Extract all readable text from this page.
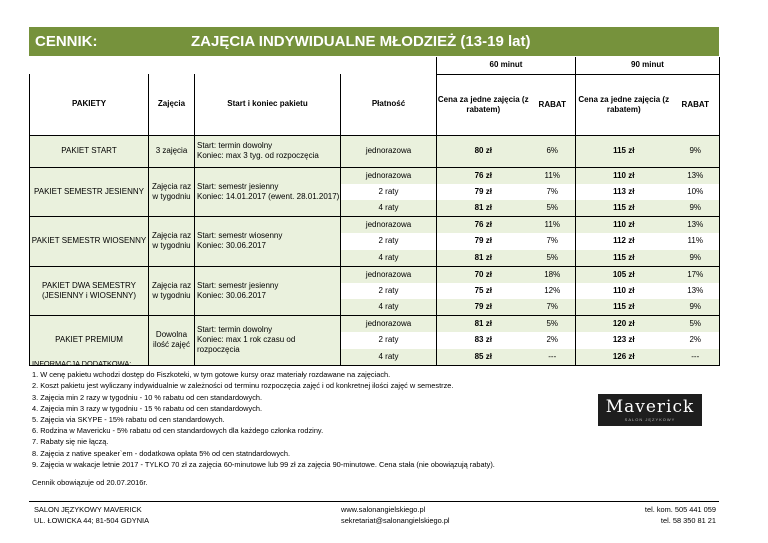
CENNIK:	ZAJĘCIA INDYWIDUALNE MŁODZIEŻ (13-19 lat)
				60 minut		90 minut	
PAKIETY	Zajęcia	Start i koniec pakietu	Płatność	Cena za jedne zajęcia (z rabatem)	RABAT	Cena za jedne zajęcia (z rabatem)	RABAT
PAKIET START	3 zajęcia	Start: termin dowolny
Koniec: max 3 tyg. od rozpoczęcia	jednorazowa	80 zł	6%	115 zł	9%
PAKIET SEMESTR JESIENNY	Zajęcia raz w tygodniu	Start: semestr jesienny
Koniec: 14.01.2017 (ewent. 28.01.2017)	jednorazowa	76 zł	11%	110 zł	13%
			2 raty	79 zł	7%	113 zł	10%
			4 raty	81 zł	5%	115 zł	9%
PAKIET SEMESTR WIOSENNY	Zajęcia raz w tygodniu	Start: semestr wiosenny
Koniec: 30.06.2017	jednorazowa	76 zł	11%	110 zł	13%
			2 raty	79 zł	7%	112 zł	11%
			4 raty	81 zł	5%	115 zł	9%
PAKIET DWA SEMESTRY (JESIENNY i WIOSENNY)	Zajęcia raz w tygodniu	Start: semestr jesienny
Koniec: 30.06.2017	jednorazowa	70 zł	18%	105 zł	17%
			2 raty	75 zł	12%	110 zł	13%
			4 raty	79 zł	7%	115 zł	9%
PAKIET PREMIUM	Dowolna ilość zajęć	Start: termin dowolny
Koniec: max 1 rok czasu od rozpoczęcia	jednorazowa	81 zł	5%	120 zł	5%
			2 raty	83 zł	2%	123 zł	2%
			4 raty	85 zł	---	126 zł	---
INFORMACJA DODATKOWA:
1. W cenę pakietu wchodzi dostęp do Fiszkoteki, w tym gotowe kursy oraz materiały rozdawane na zajęciach.
2. Koszt pakietu jest wyliczany indywidualnie w zależności od terminu rozpoczęcia zajęć i od konkretnej ilości zajęć w semestrze.
3. Zajęcia min 2 razy w tygodniu - 10 % rabatu od cen standardowych.
4. Zajęcia min 3 razy w tygodniu - 15 % rabatu od cen standardowych.
5. Zajęcia via SKYPE - 15% rabatu od cen standardowych.
6. Rodzina w Mavericku - 5% rabatu od cen standardowych dla każdego członka rodziny.
7. Rabaty się nie łączą.
8. Zajęcia z native speaker`em - dodatkowa opłata 5% od cen statndardowych.
9. Zajęcia w wakacje letnie 2017 - TYLKO 70 zł za zajęcia 60-minutowe lub 99 zł za zajęcia 90-minutowe. Cena stała (nie obowiązują rabaty).
Cennik obowiązuje od 20.07.2016r.
Maverick
SALON JĘZYKOWY
SALON JĘZYKOWY MAVERICK
UL. ŁOWICKA 44; 81-504 GDYNIA
www.salonangielskiego.pl
sekretariat@salonangielskiego.pl
tel. kom. 505 441 059
tel. 58 350 81 21
